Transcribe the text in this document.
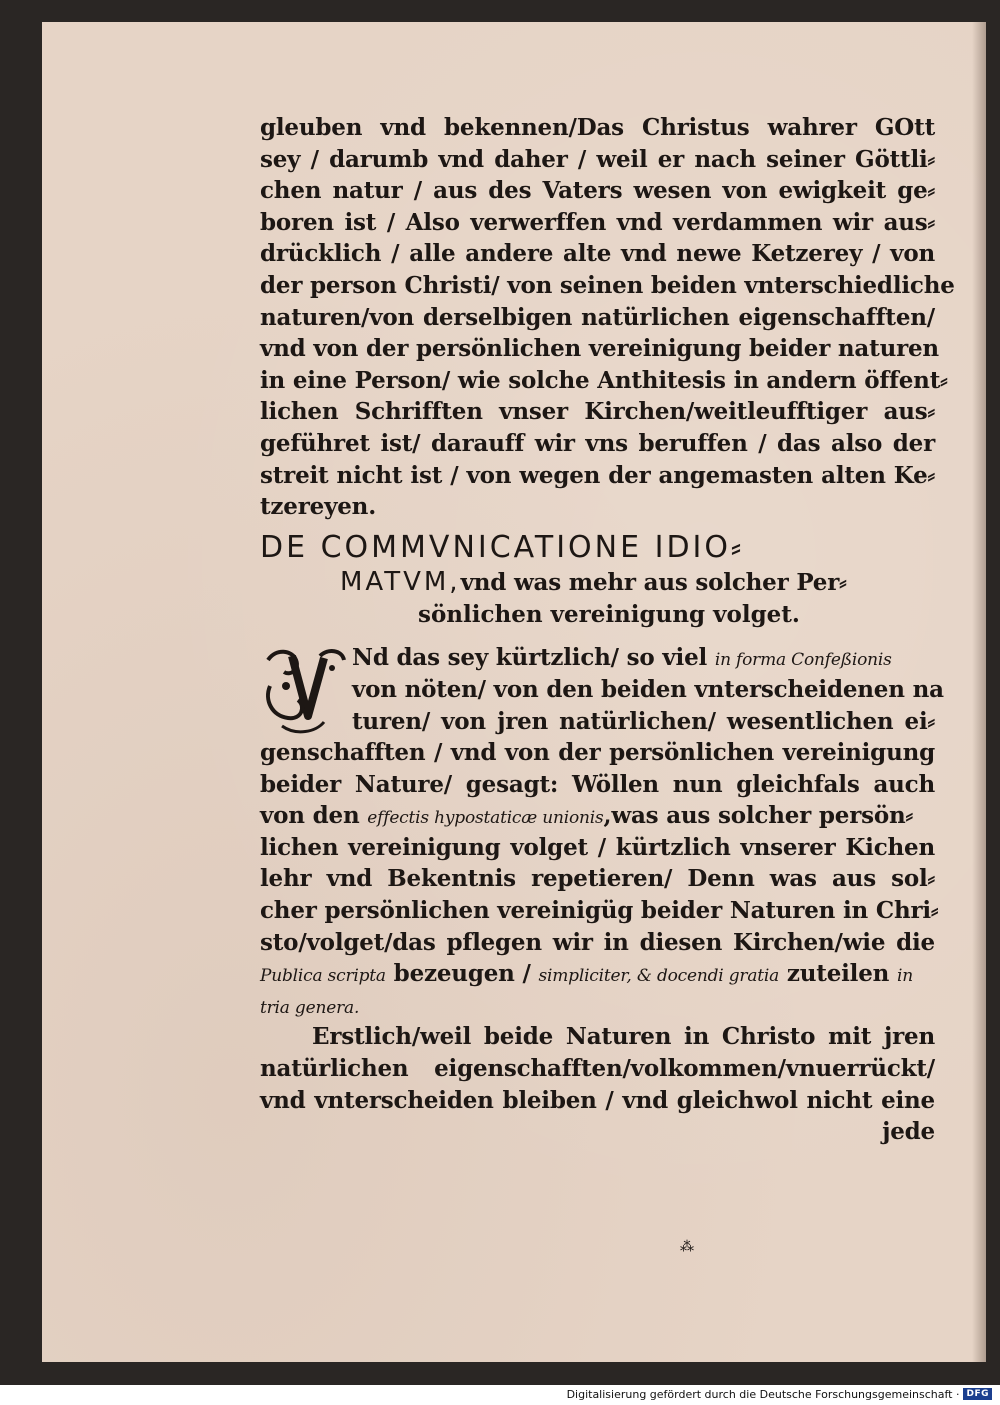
gleuben vnd bekennen/Das Christus wahrer GOtt
sey / darumb vnd daher / weil er nach seiner Göttli⸗
chen natur / aus des Vaters wesen von ewigkeit ge⸗
boren ist / Also verwerffen vnd verdammen wir aus⸗
drücklich / alle andere alte vnd newe Ketzerey / von
der person Christi/ von seinen beiden vnterschiedliche
naturen/von derselbigen natürlichen eigenschafften/
vnd von der persönlichen vereinigung beider naturen
in eine Person/ wie solche Anthitesis in andern öffent⸗
lichen Schrifften vnser Kirchen/weitleufftiger aus⸗
geführet ist/ darauff wir vns beruffen / das also der
streit nicht ist / von wegen der angemasten alten Ke⸗
tzereyen.
DE COMMVNICATIONE IDIO⸗
MATVM,vnd was mehr aus solcher Per⸗
sönlichen vereinigung volget.
Nd das sey kürtzlich/ so viel in forma Confeßionis
von nöten/ von den beiden vnterscheidenen na
turen/ von jren natürlichen/ wesentlichen ei⸗
genschafften / vnd von der persönlichen vereinigung
beider Nature/ gesagt: Wöllen nun gleichfals auch
von den effectis hypostaticæ unionis,was aus solcher persön⸗
lichen vereinigung volget / kürtzlich vnserer Kichen
lehr vnd Bekentnis repetieren/ Denn was aus sol⸗
cher persönlichen vereinigüg beider Naturen in Chri⸗
sto/volget/das pflegen wir in diesen Kirchen/wie die
Publica scripta bezeugen / simpliciter, & docendi gratia zuteilen in
tria genera.
Erstlich/weil beide Naturen in Christo mit jren
natürlichen eigenschafften/volkommen/vnuerrückt/
vnd vnterscheiden bleiben / vnd gleichwol nicht eine
jede
⁂
Digitalisierung gefördert durch die Deutsche Forschungsgemeinschaft · DFG
